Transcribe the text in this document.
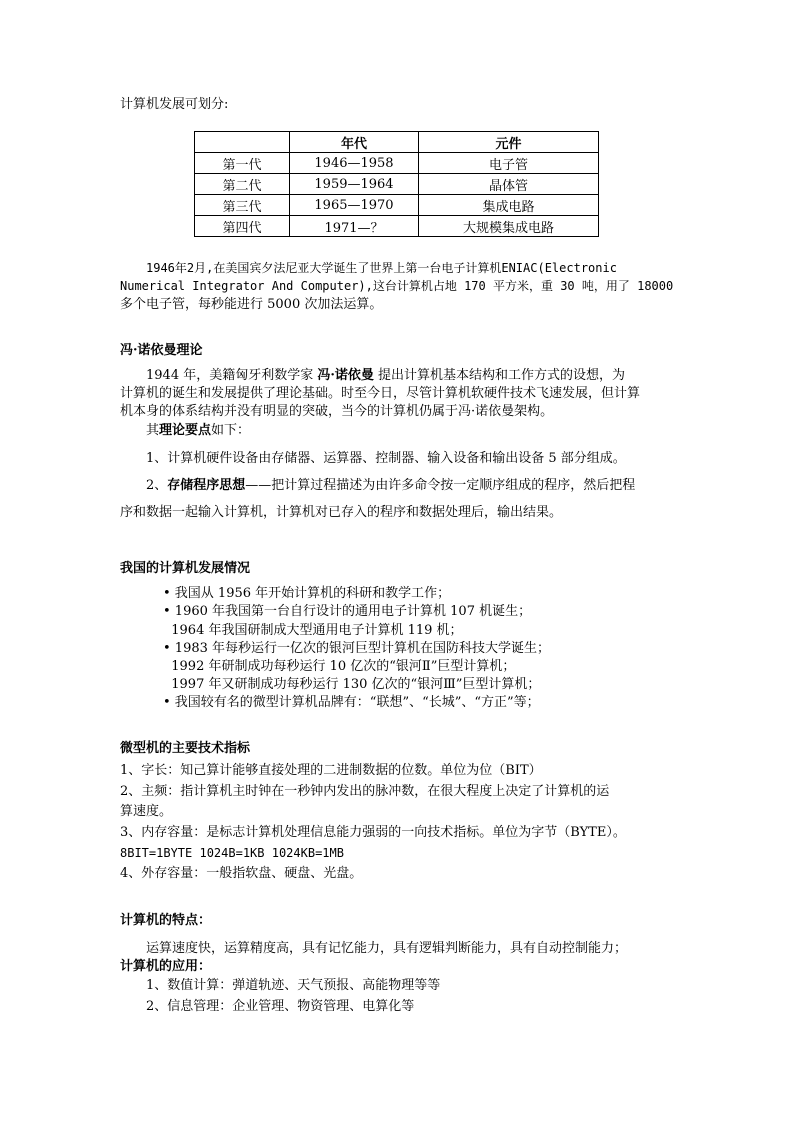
计算机发展可划分:
	年代	元件
第一代	1946—1958	电子管
第二代	1959—1964	晶体管
第三代	1965—1970	集成电路
第四代	1971—？	大规模集成电路
1946年2月,在美国宾夕法尼亚大学诞生了世界上第一台电子计算机ENIAC(Electronic
Numerical Integrator And Computer),这台计算机占地 170 平方米，重 30 吨，用了 18000
多个电子管，每秒能进行 5000 次加法运算。
冯·诺依曼理论
1944 年，美籍匈牙利数学家 冯·诺依曼 提出计算机基本结构和工作方式的设想，为
计算机的诞生和发展提供了理论基础。时至今日，尽管计算机软硬件技术飞速发展，但计算
机本身的体系结构并没有明显的突破，当今的计算机仍属于冯·诺依曼架构。
其理论要点如下：
1、计算机硬件设备由存储器、运算器、控制器、输入设备和输出设备 5 部分组成。
2、存储程序思想——把计算过程描述为由许多命令按一定顺序组成的程序，然后把程
序和数据一起输入计算机，计算机对已存入的程序和数据处理后，输出结果。
我国的计算机发展情况
• 我国从 1956 年开始计算机的科研和教学工作；
• 1960 年我国第一台自行设计的通用电子计算机 107 机诞生；
1964 年我国研制成大型通用电子计算机 119 机；
• 1983 年每秒运行一亿次的银河巨型计算机在国防科技大学诞生；
1992 年研制成功每秒运行 10 亿次的“银河Ⅱ”巨型计算机；
1997 年又研制成功每秒运行 130 亿次的“银河Ⅲ”巨型计算机；
• 我国较有名的微型计算机品牌有：“联想”、“长城”、“方正”等；
微型机的主要技术指标
1、字长：知己算计能够直接处理的二进制数据的位数。单位为位（BIT）
2、主频：指计算机主时钟在一秒钟内发出的脉冲数，在很大程度上决定了计算机的运
算速度。
3、内存容量：是标志计算机处理信息能力强弱的一向技术指标。单位为字节（BYTE）。
8BIT=1BYTE 1024B=1KB 1024KB=1MB
4、外存容量：一般指软盘、硬盘、光盘。
计算机的特点：
运算速度快，运算精度高，具有记忆能力，具有逻辑判断能力，具有自动控制能力；
计算机的应用：
1、数值计算：弹道轨迹、天气预报、高能物理等等
2、信息管理：企业管理、物资管理、电算化等
